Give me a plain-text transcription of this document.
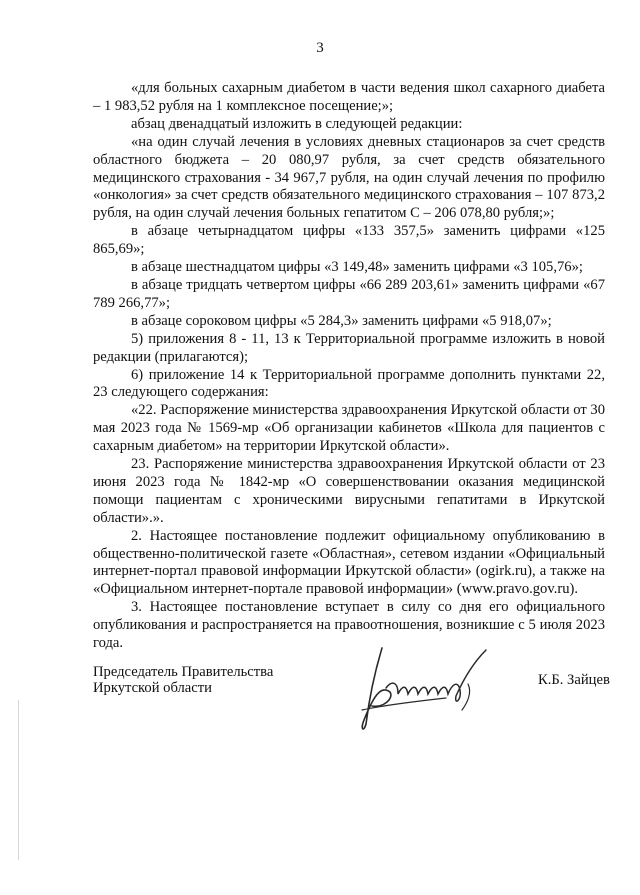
3

«для больных сахарным диабетом в части ведения школ сахарного диабета – 1 983,52 рубля на 1 комплексное посещение;»;

абзац двенадцатый изложить в следующей редакции:

«на один случай лечения в условиях дневных стационаров за счет средств областного бюджета – 20 080,97 рубля, за счет средств обязательного медицинского страхования - 34 967,7 рубля, на один случай лечения по профилю «онкология» за счет средств обязательного медицинского страхования – 107 873,2 рубля, на один случай лечения больных гепатитом С – 206 078,80 рубля;»;

в абзаце четырнадцатом цифры «133 357,5» заменить цифрами «125 865,69»;

в абзаце шестнадцатом цифры «3 149,48» заменить цифрами «3 105,76»;

в абзаце тридцать четвертом цифры «66 289 203,61» заменить цифрами «67 789 266,77»;

в абзаце сороковом цифры «5 284,3» заменить цифрами «5 918,07»;

5) приложения 8 - 11, 13 к Территориальной программе изложить в новой редакции (прилагаются);

6) приложение 14 к Территориальной программе дополнить пунктами 22, 23 следующего содержания:

«22. Распоряжение министерства здравоохранения Иркутской области от 30 мая 2023 года № 1569-мр «Об организации кабинетов «Школа для пациентов с сахарным диабетом» на территории Иркутской области».

23. Распоряжение министерства здравоохранения Иркутской области от 23 июня 2023 года № 1842-мр «О совершенствовании оказания медицинской помощи пациентам с хроническими вирусными гепатитами в Иркутской области».».

2. Настоящее постановление подлежит официальному опубликованию в общественно-политической газете «Областная», сетевом издании «Официальный интернет-портал правовой информации Иркутской области» (ogirk.ru), а также на «Официальном интернет-портале правовой информации» (www.pravo.gov.ru).

3. Настоящее постановление вступает в силу со дня его официального опубликования и распространяется на правоотношения, возникшие с 5 июля 2023 года.

Председатель Правительства
Иркутской области	К.Б. Зайцев
